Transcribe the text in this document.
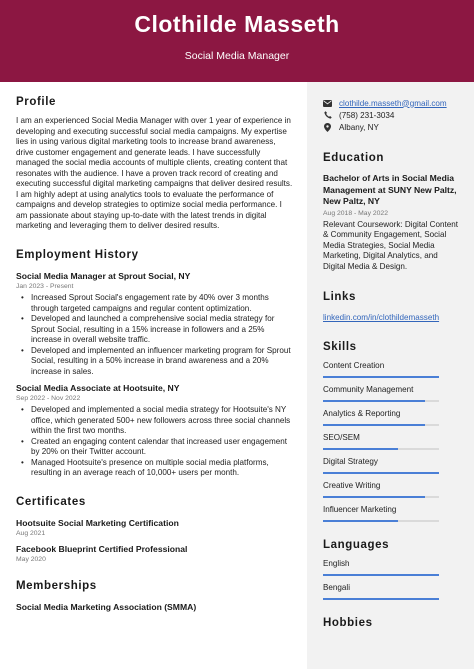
Clothilde Masseth
Social Media Manager
Profile
I am an experienced Social Media Manager with over 1 year of experience in developing and executing successful social media campaigns. My expertise lies in using various digital marketing tools to increase brand awareness, drive customer engagement and generate leads. I have successfully managed the social media accounts of multiple clients, creating content that resonates with the audience. I have a proven track record of creating and executing successful digital marketing campaigns that deliver desired results. I am highly adept at using analytics tools to evaluate the performance of campaigns and develop strategies to optimize social media performance. I am passionate about staying up-to-date with the latest trends in digital marketing and leveraging them to deliver desired results.
Employment History
Social Media Manager at Sprout Social, NY
Jan 2023 - Present
• Increased Sprout Social's engagement rate by 40% over 3 months through targeted campaigns and regular content optimization.
• Developed and launched a comprehensive social media strategy for Sprout Social, resulting in a 15% increase in followers and a 25% increase in overall website traffic.
• Developed and implemented an influencer marketing program for Sprout Social, resulting in a 50% increase in brand awareness and a 20% increase in sales.
Social Media Associate at Hootsuite, NY
Sep 2022 - Nov 2022
• Developed and implemented a social media strategy for Hootsuite's NY office, which generated 500+ new followers across three social channels within the first two months.
• Created an engaging content calendar that increased user engagement by 20% on their Twitter account.
• Managed Hootsuite's presence on multiple social media platforms, resulting in an average reach of 10,000+ users per month.
Certificates
Hootsuite Social Marketing Certification
Aug 2021
Facebook Blueprint Certified Professional
May 2020
Memberships
Social Media Marketing Association (SMMA)
clothilde.masseth@gmail.com
(758) 231-3034
Albany, NY
Education
Bachelor of Arts in Social Media Management at SUNY New Paltz, New Paltz, NY
Aug 2018 - May 2022
Relevant Coursework: Digital Content & Community Engagement, Social Media Strategies, Social Media Marketing, Digital Analytics, and Digital Media & Design.
Links
linkedin.com/in/clothildemasseth
Skills
Content Creation
Community Management
Analytics & Reporting
SEO/SEM
Digital Strategy
Creative Writing
Influencer Marketing
Languages
English
Bengali
Hobbies
